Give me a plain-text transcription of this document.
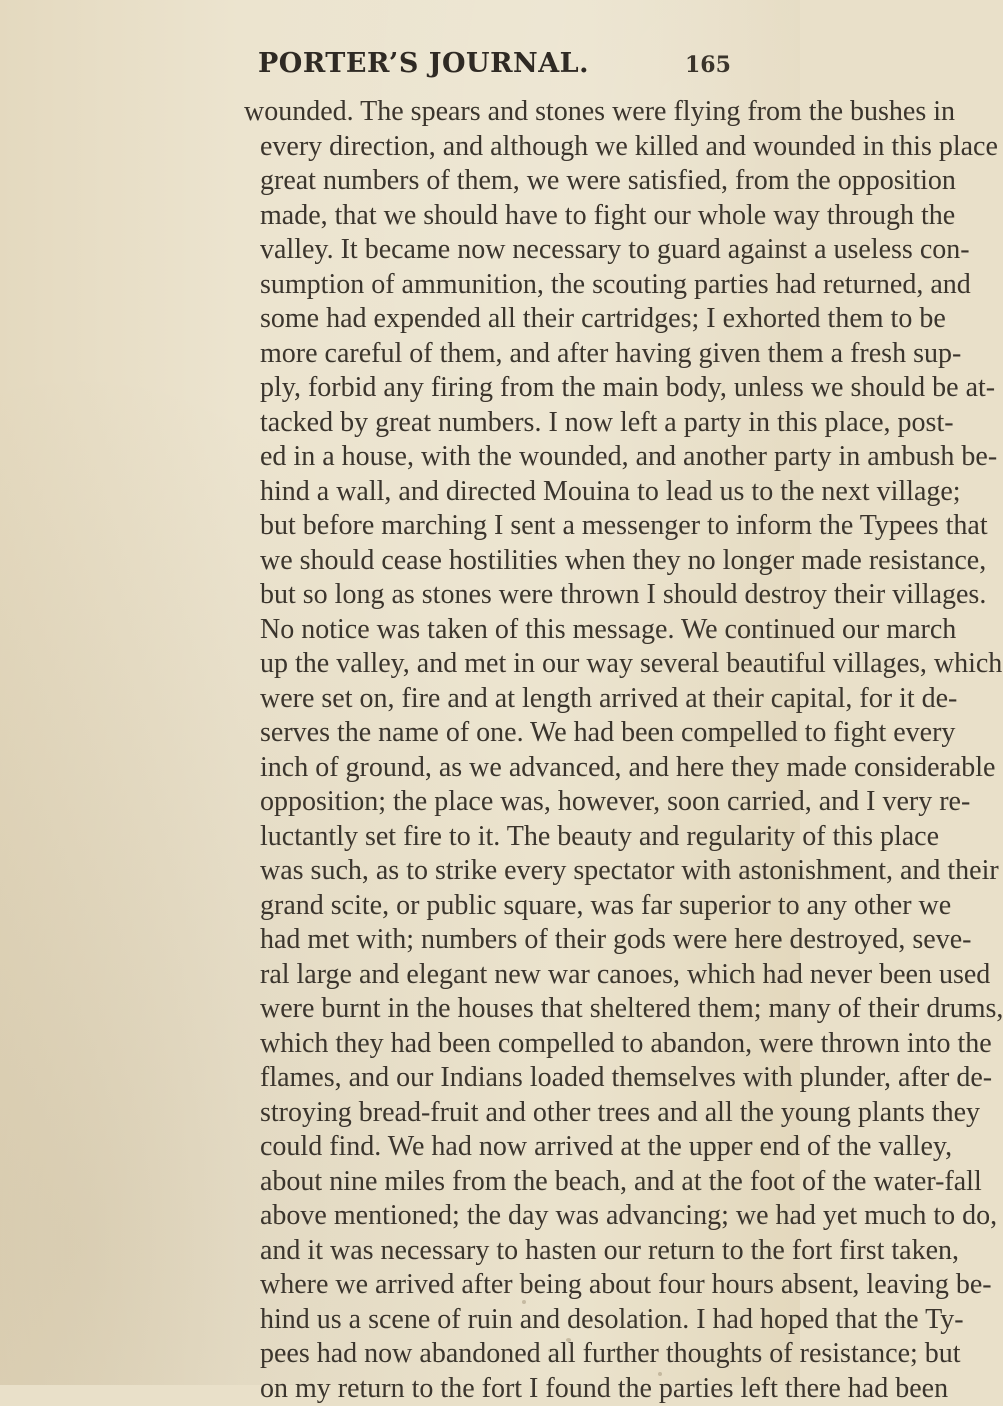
PORTER’S JOURNAL.	165
wounded. The spears and stones were flying from the bushes in
every direction, and although we killed and wounded in this place
great numbers of them, we were satisfied, from the opposition
made, that we should have to fight our whole way through the
valley. It became now necessary to guard against a useless con-
sumption of ammunition, the scouting parties had returned, and
some had expended all their cartridges; I exhorted them to be
more careful of them, and after having given them a fresh sup-
ply, forbid any firing from the main body, unless we should be at-
tacked by great numbers. I now left a party in this place, post-
ed in a house, with the wounded, and another party in ambush be-
hind a wall, and directed Mouina to lead us to the next village;
but before marching I sent a messenger to inform the Typees that
we should cease hostilities when they no longer made resistance,
but so long as stones were thrown I should destroy their villages.
No notice was taken of this message. We continued our march
up the valley, and met in our way several beautiful villages, which
were set on, fire and at length arrived at their capital, for it de-
serves the name of one. We had been compelled to fight every
inch of ground, as we advanced, and here they made considerable
opposition; the place was, however, soon carried, and I very re-
luctantly set fire to it. The beauty and regularity of this place
was such, as to strike every spectator with astonishment, and their
grand scite, or public square, was far superior to any other we
had met with; numbers of their gods were here destroyed, seve-
ral large and elegant new war canoes, which had never been used
were burnt in the houses that sheltered them; many of their drums,
which they had been compelled to abandon, were thrown into the
flames, and our Indians loaded themselves with plunder, after de-
stroying bread-fruit and other trees and all the young plants they
could find. We had now arrived at the upper end of the valley,
about nine miles from the beach, and at the foot of the water-fall
above mentioned; the day was advancing; we had yet much to do,
and it was necessary to hasten our return to the fort first taken,
where we arrived after being about four hours absent, leaving be-
hind us a scene of ruin and desolation. I had hoped that the Ty-
pees had now abandoned all further thoughts of resistance; but
on my return to the fort I found the parties left there had been
